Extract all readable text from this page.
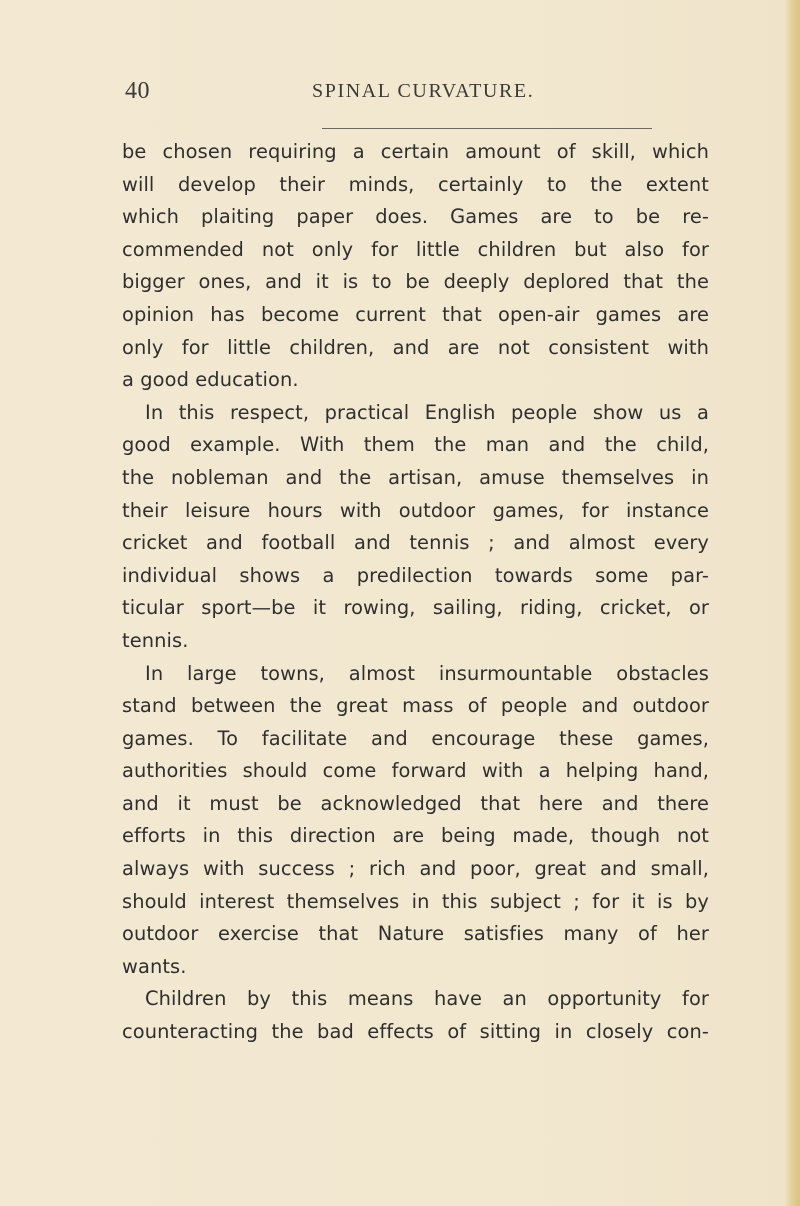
40	SPINAL CURVATURE.
be chosen requiring a certain amount of skill, which
will develop their minds, certainly to the extent
which plaiting paper does. Games are to be re-
commended not only for little children but also for
bigger ones, and it is to be deeply deplored that the
opinion has become current that open-air games are
only for little children, and are not consistent with
a good education.
In this respect, practical English people show us a
good example. With them the man and the child,
the nobleman and the artisan, amuse themselves in
their leisure hours with outdoor games, for instance
cricket and football and tennis ; and almost every
individual shows a predilection towards some par-
ticular sport—be it rowing, sailing, riding, cricket, or
tennis.
In large towns, almost insurmountable obstacles
stand between the great mass of people and outdoor
games. To facilitate and encourage these games,
authorities should come forward with a helping hand,
and it must be acknowledged that here and there
efforts in this direction are being made, though not
always with success ; rich and poor, great and small,
should interest themselves in this subject ; for it is by
outdoor exercise that Nature satisfies many of her
wants.
Children by this means have an opportunity for
counteracting the bad effects of sitting in closely con-
